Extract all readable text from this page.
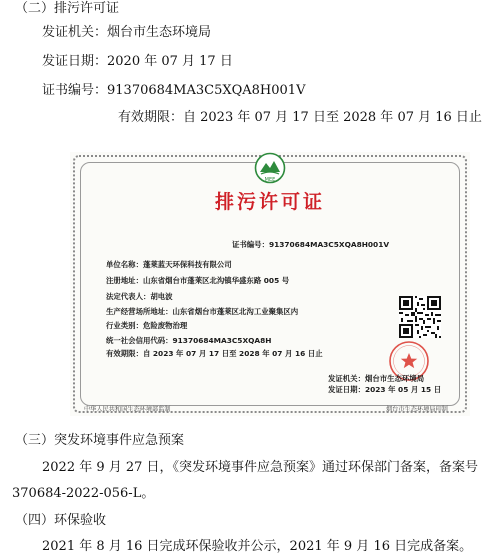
（二）排污许可证
发证机关：烟台市生态环境局
发证日期：2020 年 07 月 17 日
证书编号：91370684MA3C5XQA8H001V
有效期限：自 2023 年 07 月 17 日至 2028 年 07 月 16 日止
MEE
排污许可证
证书编号：91370684MA3C5XQA8H001V
单位名称：蓬莱蓝天环保科技有限公司
注册地址：山东省烟台市蓬莱区北沟镇华盛东路 005 号
法定代表人：胡电波
生产经营场所地址：山东省烟台市蓬莱区北沟工业聚集区内
行业类别：危险废物治理
统一社会信用代码：91370684MA3C5XQA8H
有效期限：自 2023 年 07 月 17 日至 2028 年 07 月 16 日止
发证机关：烟台市生态环境局
发证日期：2023 年 05 月 15 日
中华人民共和国生态环境部监制	烟台市生态环境局印制
（三）突发环境事件应急预案
2022 年 9 月 27 日，《突发环境事件应急预案》通过环保部门备案，备案号
370684-2022-056-L。
（四）环保验收
2021 年 8 月 16 日完成环保验收并公示，2021 年 9 月 16 日完成备案。
